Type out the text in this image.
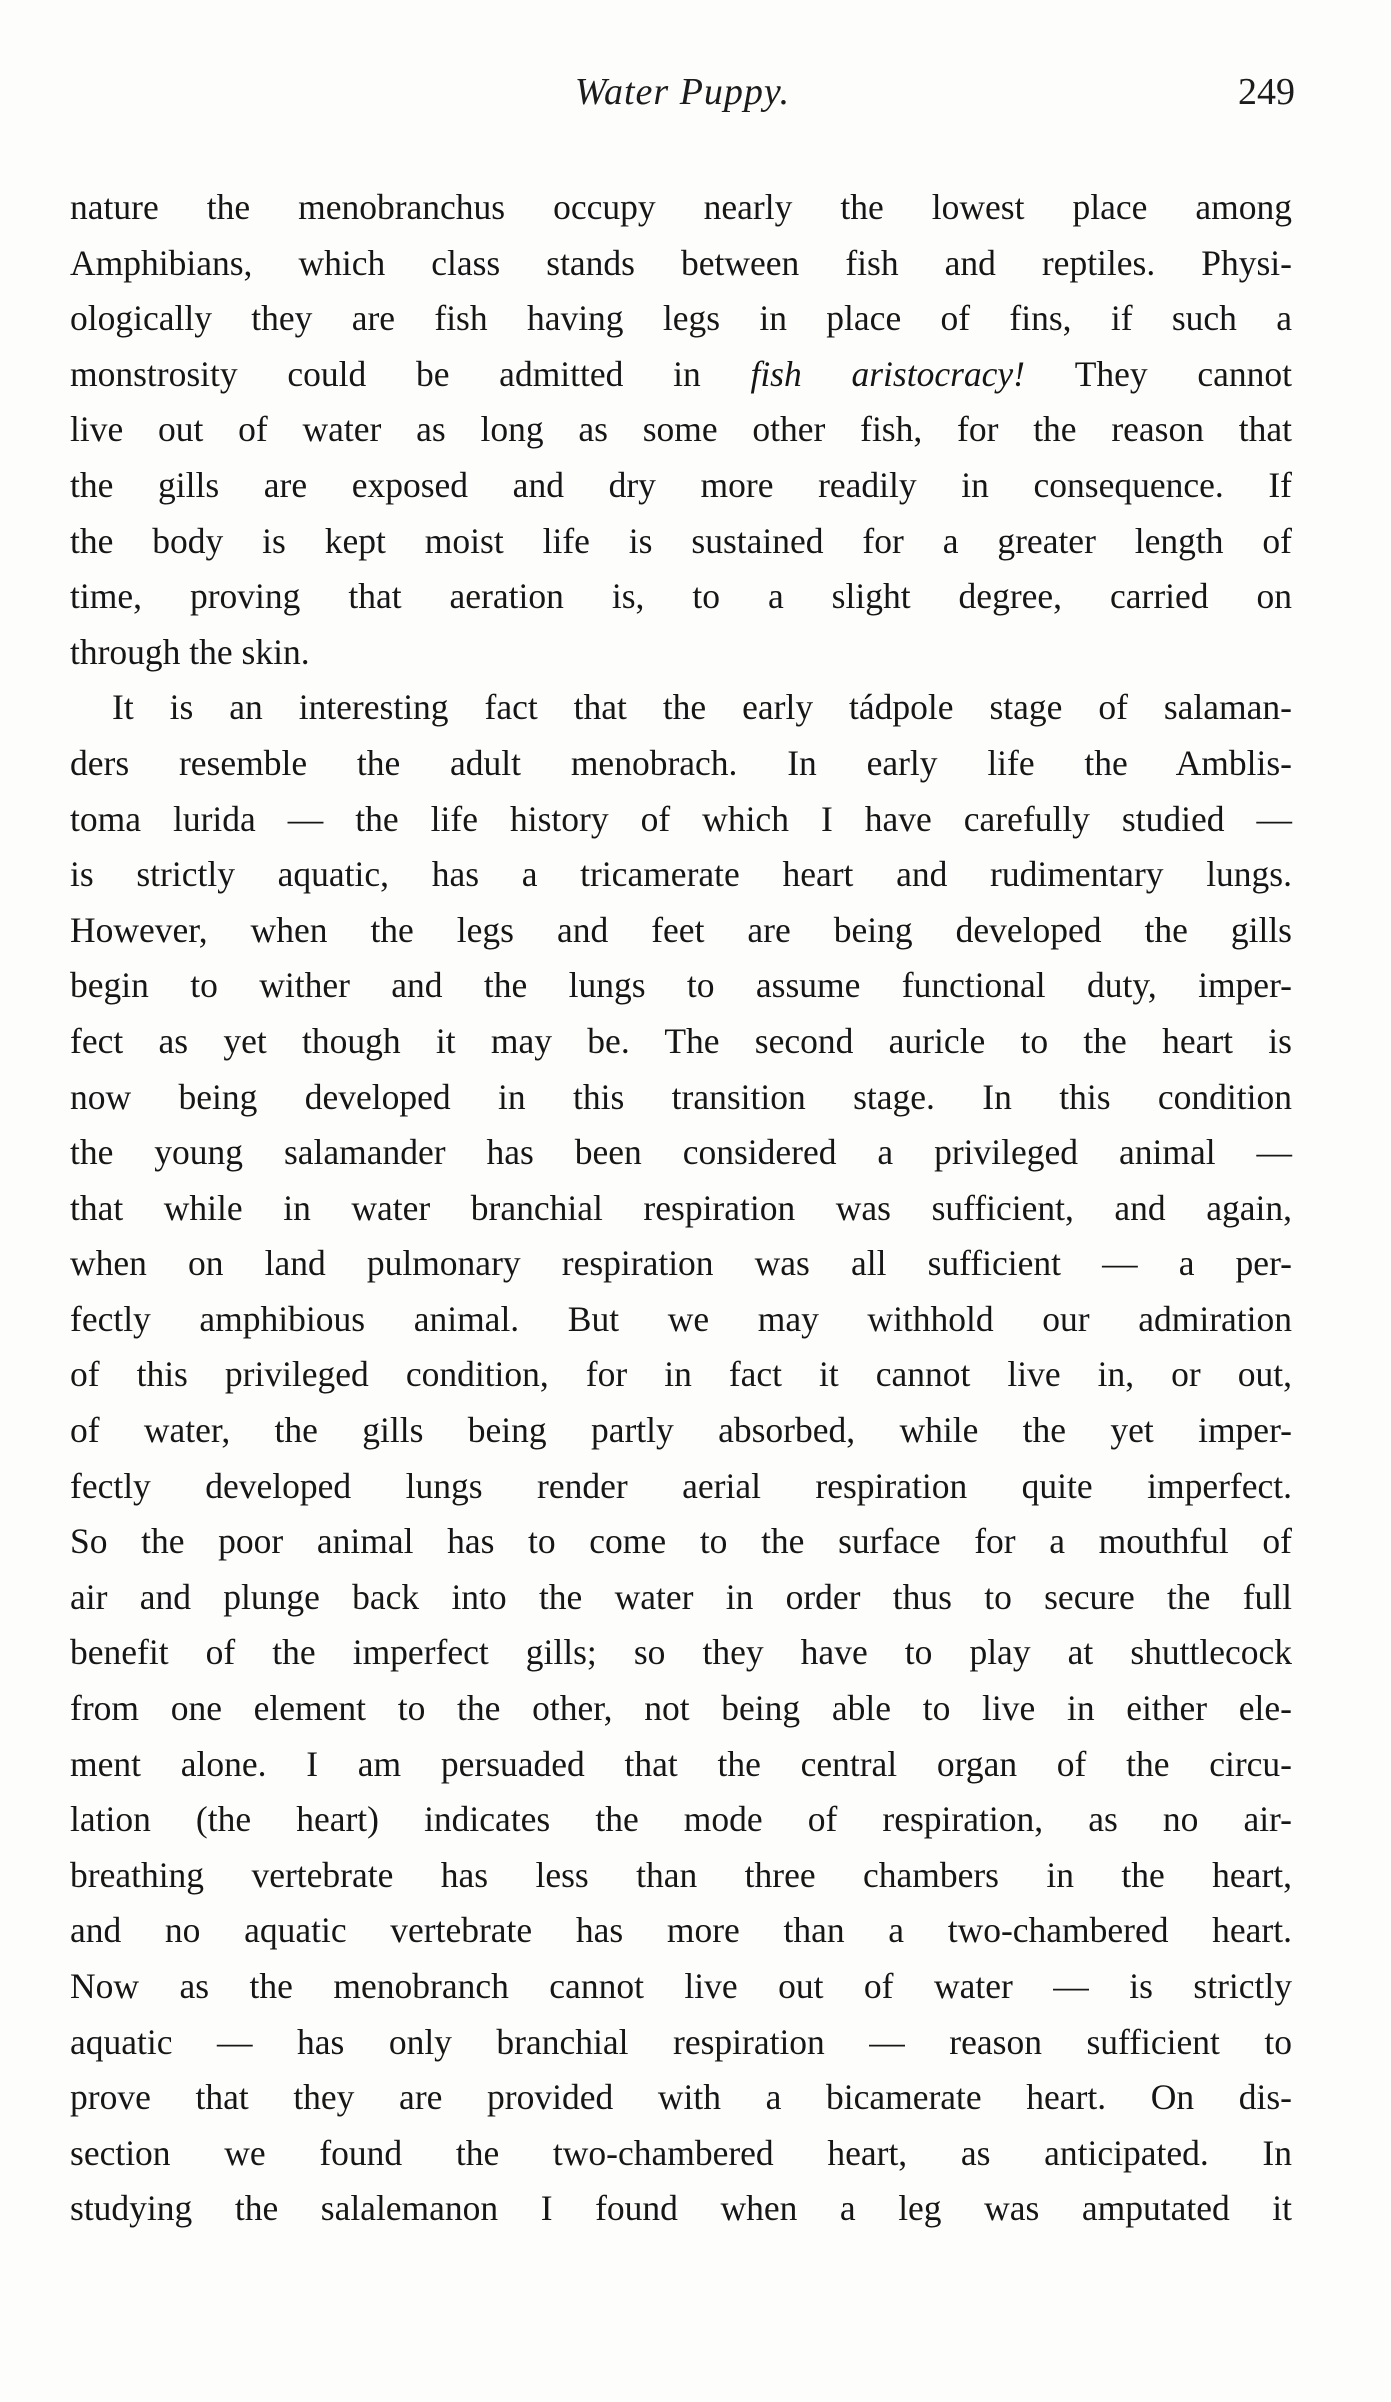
Water Puppy.	249
nature the menobranchus occupy nearly the lowest place among
Amphibians, which class stands between fish and reptiles. Physi-
ologically they are fish having legs in place of fins, if such a
monstrosity could be admitted in fish aristocracy! They cannot
live out of water as long as some other fish, for the reason that
the gills are exposed and dry more readily in consequence. If
the body is kept moist life is sustained for a greater length of
time, proving that aeration is, to a slight degree, carried on
through the skin.
It is an interesting fact that the early tádpole stage of salaman-
ders resemble the adult menobrach. In early life the Amblis-
toma lurida — the life history of which I have carefully studied —
is strictly aquatic, has a tricamerate heart and rudimentary lungs.
However, when the legs and feet are being developed the gills
begin to wither and the lungs to assume functional duty, imper-
fect as yet though it may be. The second auricle to the heart is
now being developed in this transition stage. In this condition
the young salamander has been considered a privileged animal —
that while in water branchial respiration was sufficient, and again,
when on land pulmonary respiration was all sufficient — a per-
fectly amphibious animal. But we may withhold our admiration
of this privileged condition, for in fact it cannot live in, or out,
of water, the gills being partly absorbed, while the yet imper-
fectly developed lungs render aerial respiration quite imperfect.
So the poor animal has to come to the surface for a mouthful of
air and plunge back into the water in order thus to secure the full
benefit of the imperfect gills; so they have to play at shuttlecock
from one element to the other, not being able to live in either ele-
ment alone. I am persuaded that the central organ of the circu-
lation (the heart) indicates the mode of respiration, as no air-
breathing vertebrate has less than three chambers in the heart,
and no aquatic vertebrate has more than a two-chambered heart.
Now as the menobranch cannot live out of water — is strictly
aquatic — has only branchial respiration — reason sufficient to
prove that they are provided with a bicamerate heart. On dis-
section we found the two-chambered heart, as anticipated. In
studying the salalemanon I found when a leg was amputated it
